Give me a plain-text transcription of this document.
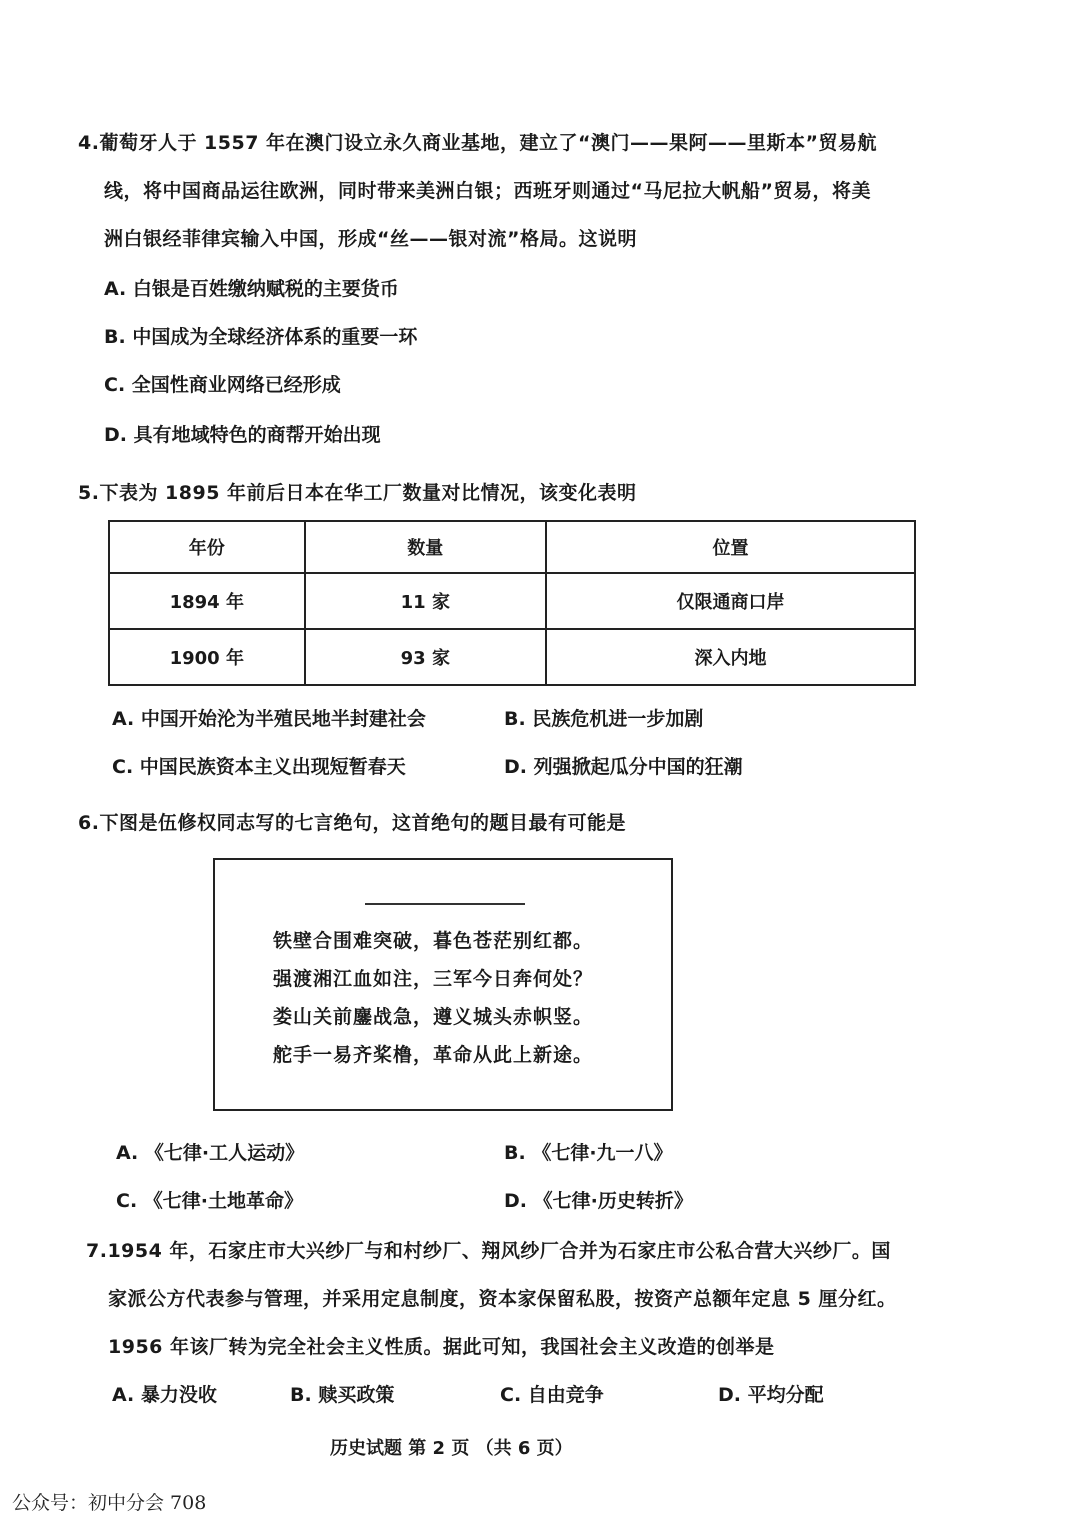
4.葡萄牙人于 1557 年在澳门设立永久商业基地，建立了“澳门——果阿——里斯本”贸易航
线，将中国商品运往欧洲，同时带来美洲白银；西班牙则通过“马尼拉大帆船”贸易，将美
洲白银经菲律宾输入中国，形成“丝——银对流”格局。这说明
A. 白银是百姓缴纳赋税的主要货币
B. 中国成为全球经济体系的重要一环
C. 全国性商业网络已经形成
D. 具有地域特色的商帮开始出现
5.下表为 1895 年前后日本在华工厂数量对比情况，该变化表明
年份	数量	位置
1894 年	11 家	仅限通商口岸
1900 年	93 家	深入内地
A. 中国开始沦为半殖民地半封建社会	B. 民族危机进一步加剧
C. 中国民族资本主义出现短暂春天	D. 列强掀起瓜分中国的狂潮
6.下图是伍修权同志写的七言绝句，这首绝句的题目最有可能是
铁壁合围难突破，暮色苍茫别红都。
强渡湘江血如注，三军今日奔何处？
娄山关前鏖战急，遵义城头赤帜竖。
舵手一易齐桨橹，革命从此上新途。
A. 《七律·工人运动》	B. 《七律·九一八》
C. 《七律·土地革命》	D. 《七律·历史转折》
7.1954 年，石家庄市大兴纱厂与和村纱厂、翔风纱厂合并为石家庄市公私合营大兴纱厂。国
家派公方代表参与管理，并采用定息制度，资本家保留私股，按资产总额年定息 5 厘分红。
1956 年该厂转为完全社会主义性质。据此可知，我国社会主义改造的创举是
A. 暴力没收	B. 赎买政策	C. 自由竞争	D. 平均分配
历史试题 第 2 页 （共 6 页）
公众号：初中分会 708
